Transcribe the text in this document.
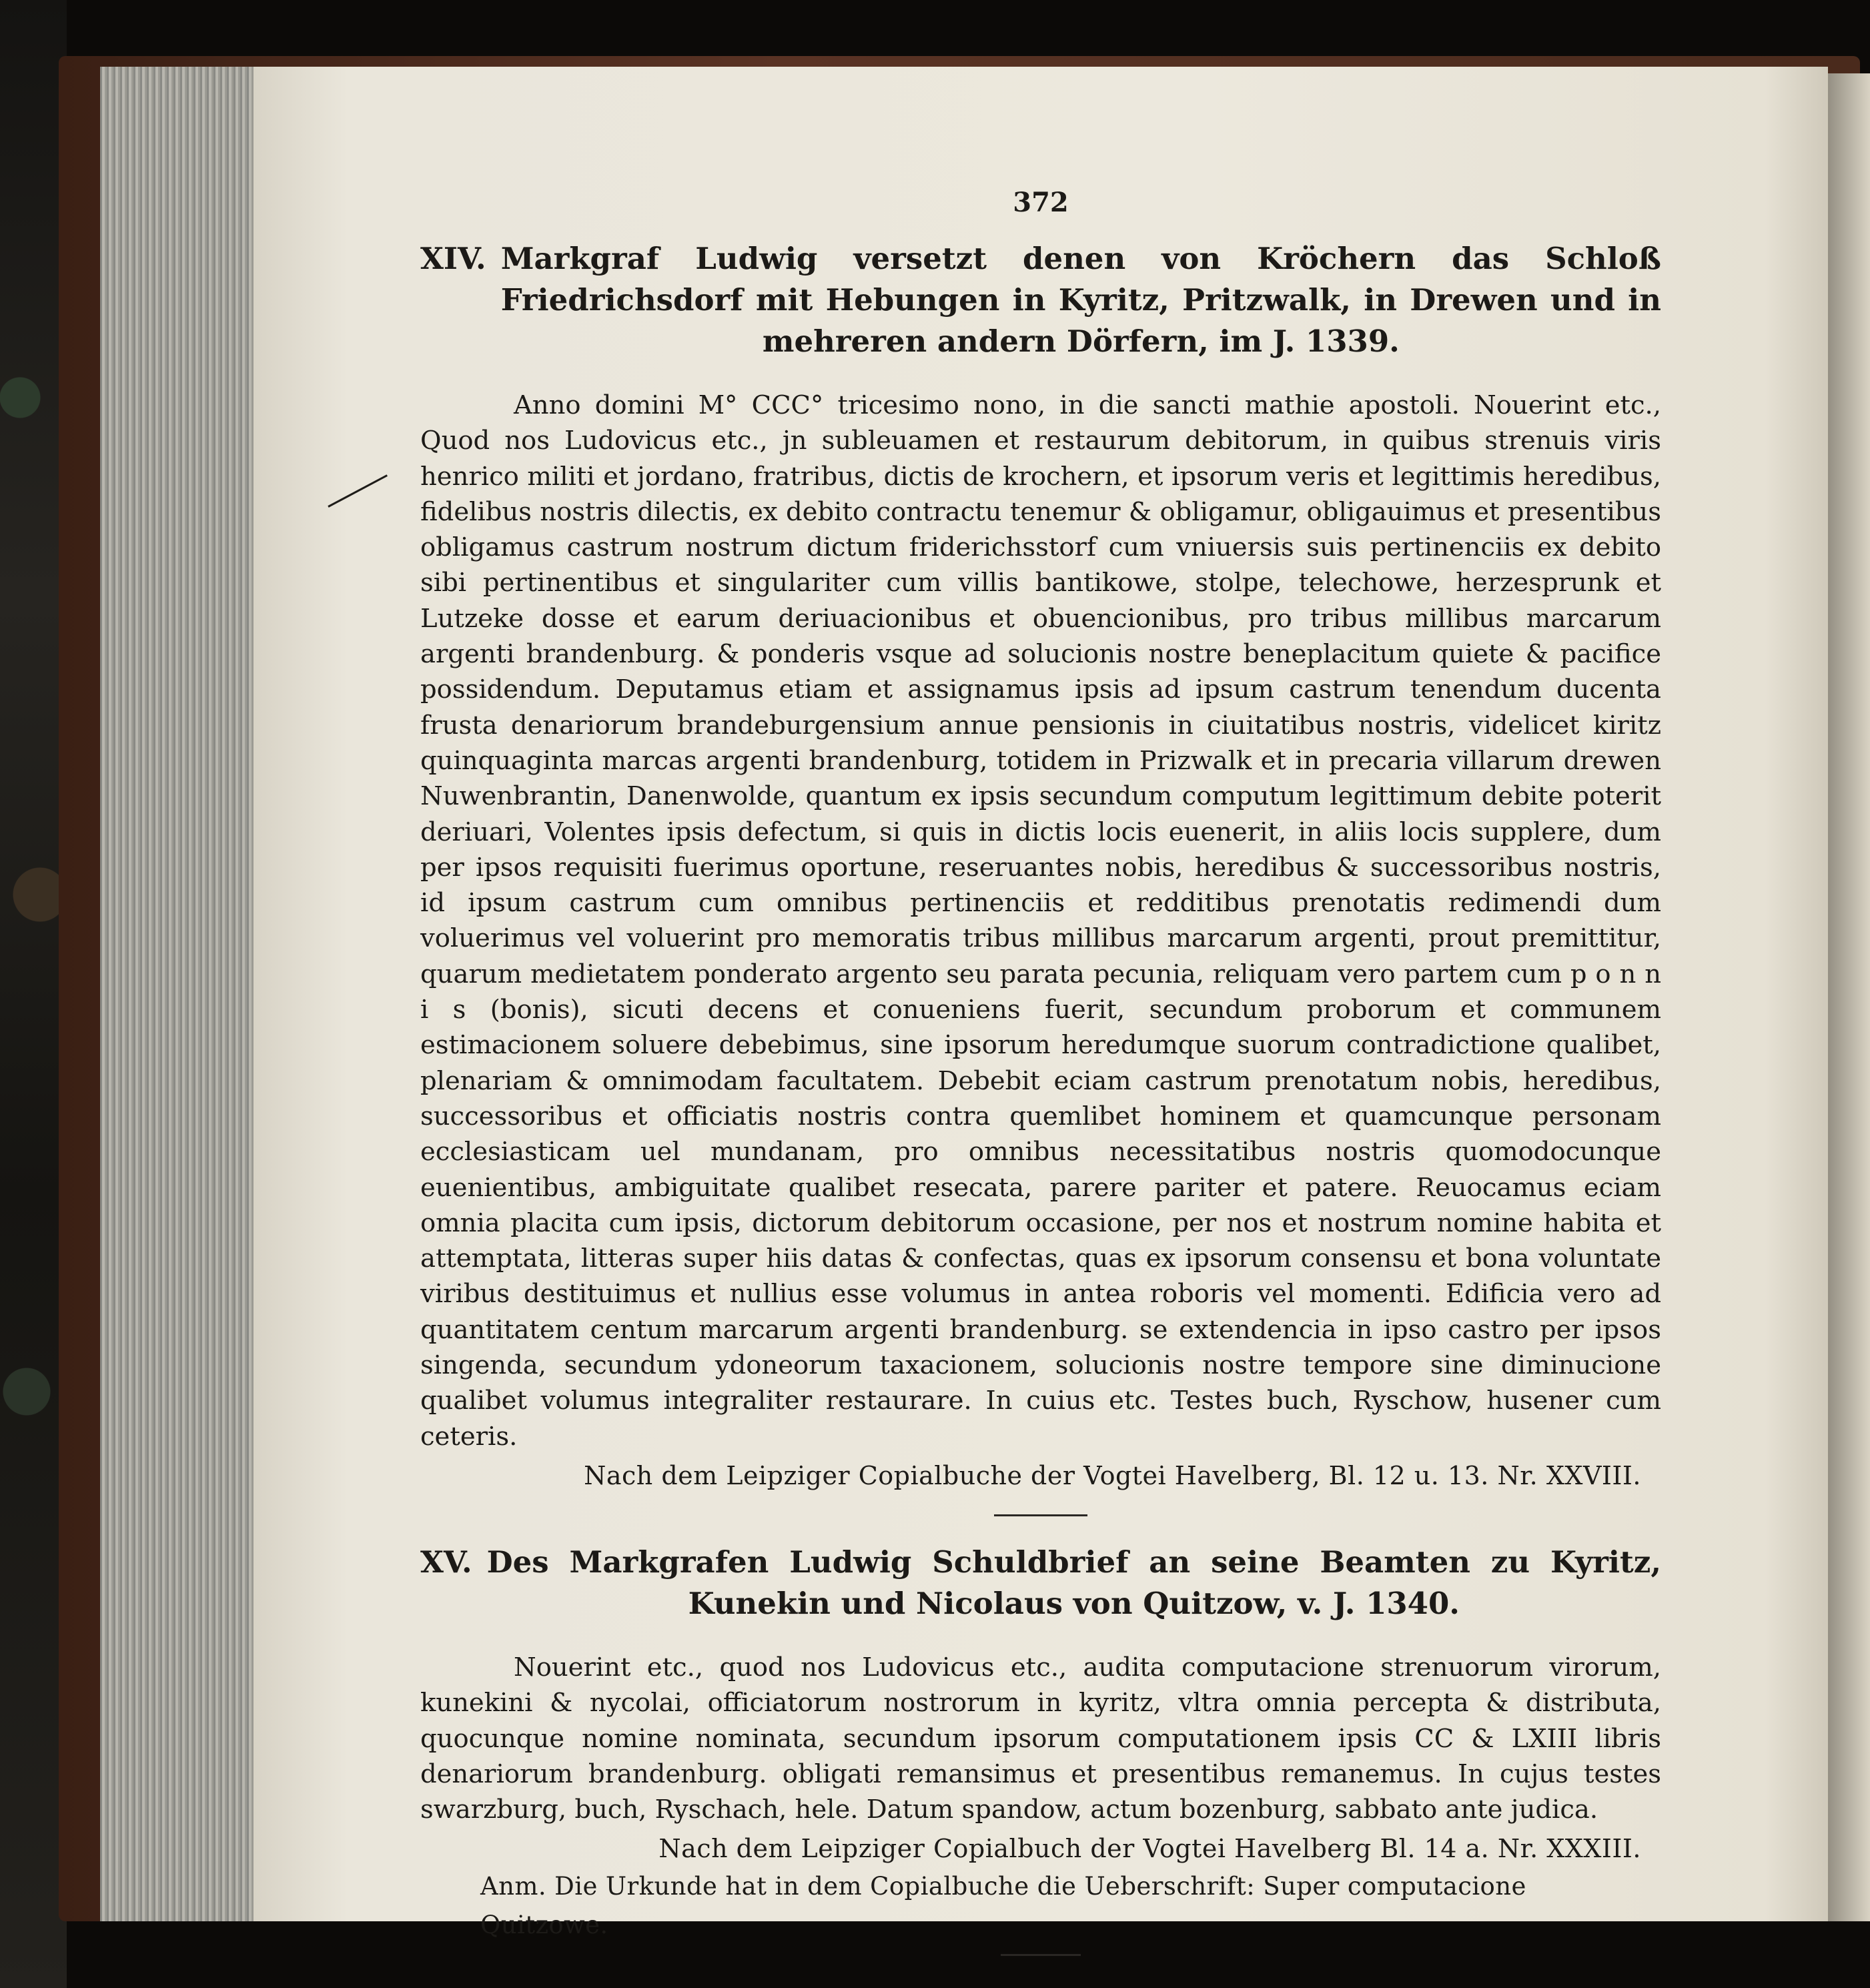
372
XIV. Markgraf Ludwig versetzt denen von Kröchern das Schloß Friedrichsdorf mit Hebungen in Kyritz, Pritzwalk, in Drewen und in mehreren andern Dörfern, im J. 1339.

Anno domini M° CCC° tricesimo nono, in die sancti mathie apostoli. Nouerint etc., Quod nos Ludovicus etc., jn subleuamen et restaurum debitorum, in quibus strenuis viris henrico militi et jordano, fratribus, dictis de krochern, et ipsorum veris et legittimis heredibus, fidelibus nostris dilectis, ex debito contractu tenemur & obligamur, obligauimus et presentibus obligamus castrum nostrum dictum friderichsstorf cum vniuersis suis pertinenciis ex debito sibi pertinentibus et singulariter cum villis bantikowe, stolpe, telechowe, herzesprunk et Lutzeke dosse et earum deriuacionibus et obuencionibus, pro tribus millibus marcarum argenti brandenburg. & ponderis vsque ad solucionis nostre beneplacitum quiete & pacifice possidendum. Deputamus etiam et assignamus ipsis ad ipsum castrum tenendum ducenta frusta denariorum brandeburgensium annue pensionis in ciuitatibus nostris, videlicet kiritz quinquaginta marcas argenti brandenburg, totidem in Prizwalk et in precaria villarum drewen Nuwenbrantin, Danenwolde, quantum ex ipsis secundum computum legittimum debite poterit deriuari, Volentes ipsis defectum, si quis in dictis locis euenerit, in aliis locis supplere, dum per ipsos requisiti fuerimus oportune, reseruantes nobis, heredibus & successoribus nostris, id ipsum castrum cum omnibus pertinenciis et redditibus prenotatis redimendi dum voluerimus vel voluerint pro memoratis tribus millibus marcarum argenti, prout premittitur, quarum medietatem ponderato argento seu parata pecunia, reliquam vero partem cum p o n n i s (bonis), sicuti decens et conueniens fuerit, secundum proborum et communem estimacionem soluere debebimus, sine ipsorum heredumque suorum contradictione qualibet, plenariam & omnimodam facultatem. Debebit eciam castrum prenotatum nobis, heredibus, successoribus et officiatis nostris contra quemlibet hominem et quamcunque personam ecclesiasticam uel mundanam, pro omnibus necessitatibus nostris quomodocunque euenientibus, ambiguitate qualibet resecata, parere pariter et patere. Reuocamus eciam omnia placita cum ipsis, dictorum debitorum occasione, per nos et nostrum nomine habita et attemptata, litteras super hiis datas & confectas, quas ex ipsorum consensu et bona voluntate viribus destituimus et nullius esse volumus in antea roboris vel momenti. Edificia vero ad quantitatem centum marcarum argenti brandenburg. se extendencia in ipso castro per ipsos singenda, secundum ydoneorum taxacionem, solucionis nostre tempore sine diminucione qualibet volumus integraliter restaurare. In cuius etc. Testes buch, Ryschow, husener cum ceteris.

Nach dem Leipziger Copialbuche der Vogtei Havelberg, Bl. 12 u. 13. Nr. XXVIII.
XV. Des Markgrafen Ludwig Schuldbrief an seine Beamten zu Kyritz, Kunekin und Nicolaus von Quitzow, v. J. 1340.

Nouerint etc., quod nos Ludovicus etc., audita computacione strenuorum virorum, kunekini & nycolai, officiatorum nostrorum in kyritz, vltra omnia percepta & distributa, quocunque nomine nominata, secundum ipsorum computationem ipsis CC & LXIII libris denariorum brandenburg. obligati remansimus et presentibus remanemus. In cujus testes swarzburg, buch, Ryschach, hele. Datum spandow, actum bozenburg, sabbato ante judica.

Nach dem Leipziger Copialbuch der Vogtei Havelberg Bl. 14 a. Nr. XXXIII.
Anm. Die Urkunde hat in dem Copialbuche die Ueberschrift: Super computacione Quitzowe.
